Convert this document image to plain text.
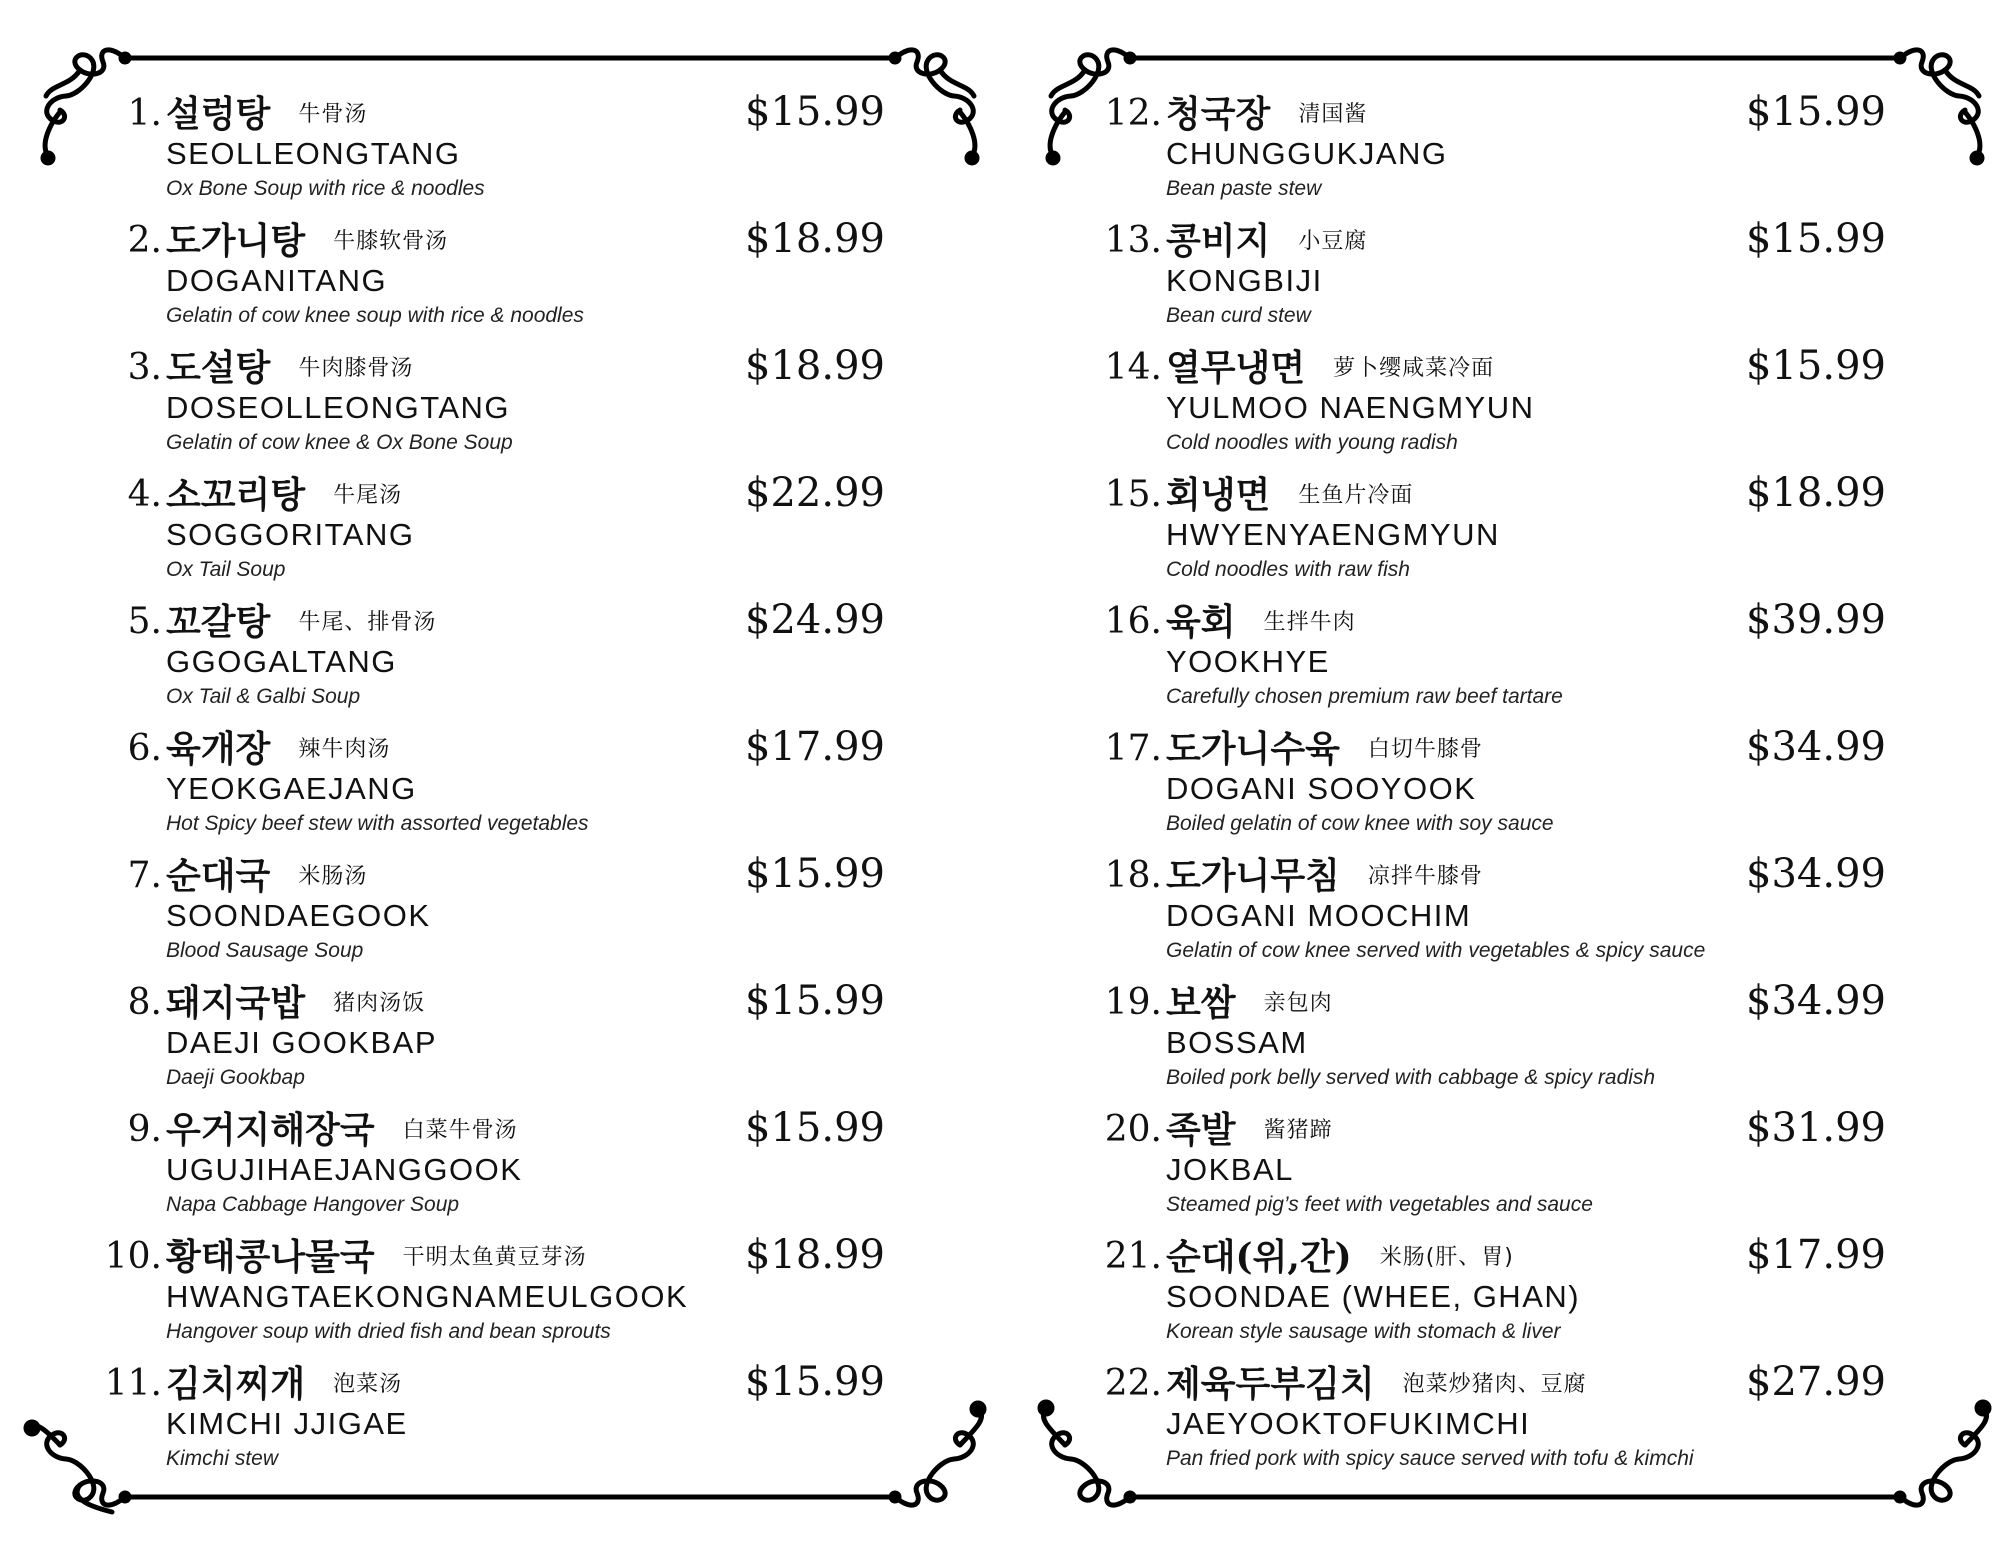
1. 설렁탕 牛骨汤
SEOLLEONGTANG
Ox Bone Soup with rice & noodles
$15.99
2. 도가니탕 牛膝软骨汤
DOGANITANG
Gelatin of cow knee soup with rice & noodles
$18.99
3. 도설탕 牛肉膝骨汤
DOSEOLLEONGTANG
Gelatin of cow knee & Ox Bone Soup
$18.99
4. 소꼬리탕 牛尾汤
SOGGORITANG
Ox Tail Soup
$22.99
5. 꼬갈탕 牛尾、排骨汤
GGOGALTANG
Ox Tail & Galbi Soup
$24.99
6. 육개장 辣牛肉汤
YEOKGAEJANG
Hot Spicy beef stew with assorted vegetables
$17.99
7. 순대국 米肠汤
SOONDAEGOOK
Blood Sausage Soup
$15.99
8. 돼지국밥 猪肉汤饭
DAEJI GOOKBAP
Daeji Gookbap
$15.99
9. 우거지해장국 白菜牛骨汤
UGUJIHAEJANGGOOK
Napa Cabbage Hangover Soup
$15.99
10. 황태콩나물국 干明太鱼黄豆芽汤
HWANGTAEKONGNAMEULGOOK
Hangover soup with dried fish and bean sprouts
$18.99
11. 김치찌개 泡菜汤
KIMCHI JJIGAE
Kimchi stew
$15.99
12. 청국장 清国酱
CHUNGGUKJANG
Bean paste stew
$15.99
13. 콩비지 小豆腐
KONGBIJI
Bean curd stew
$15.99
14. 열무냉면 萝卜缨咸菜冷面
YULMOO NAENGMYUN
Cold noodles with young radish
$15.99
15. 회냉면 生鱼片冷面
HWYENYAENGMYUN
Cold noodles with raw fish
$18.99
16. 육회 生拌牛肉
YOOKHYE
Carefully chosen premium raw beef tartare
$39.99
17. 도가니수육 白切牛膝骨
DOGANI SOOYOOK
Boiled gelatin of cow knee with soy sauce
$34.99
18. 도가니무침 凉拌牛膝骨
DOGANI MOOCHIM
Gelatin of cow knee served with vegetables & spicy sauce
$34.99
19. 보쌈 亲包肉
BOSSAM
Boiled pork belly served with cabbage & spicy radish
$34.99
20. 족발 酱猪蹄
JOKBAL
Steamed pig’s feet with vegetables and sauce
$31.99
21. 순대(위,간) 米肠(肝、胃)
SOONDAE (WHEE, GHAN)
Korean style sausage with stomach & liver
$17.99
22. 제육두부김치 泡菜炒猪肉、豆腐
JAEYOOKTOFUKIMCHI
Pan fried pork with spicy sauce served with tofu & kimchi
$27.99
